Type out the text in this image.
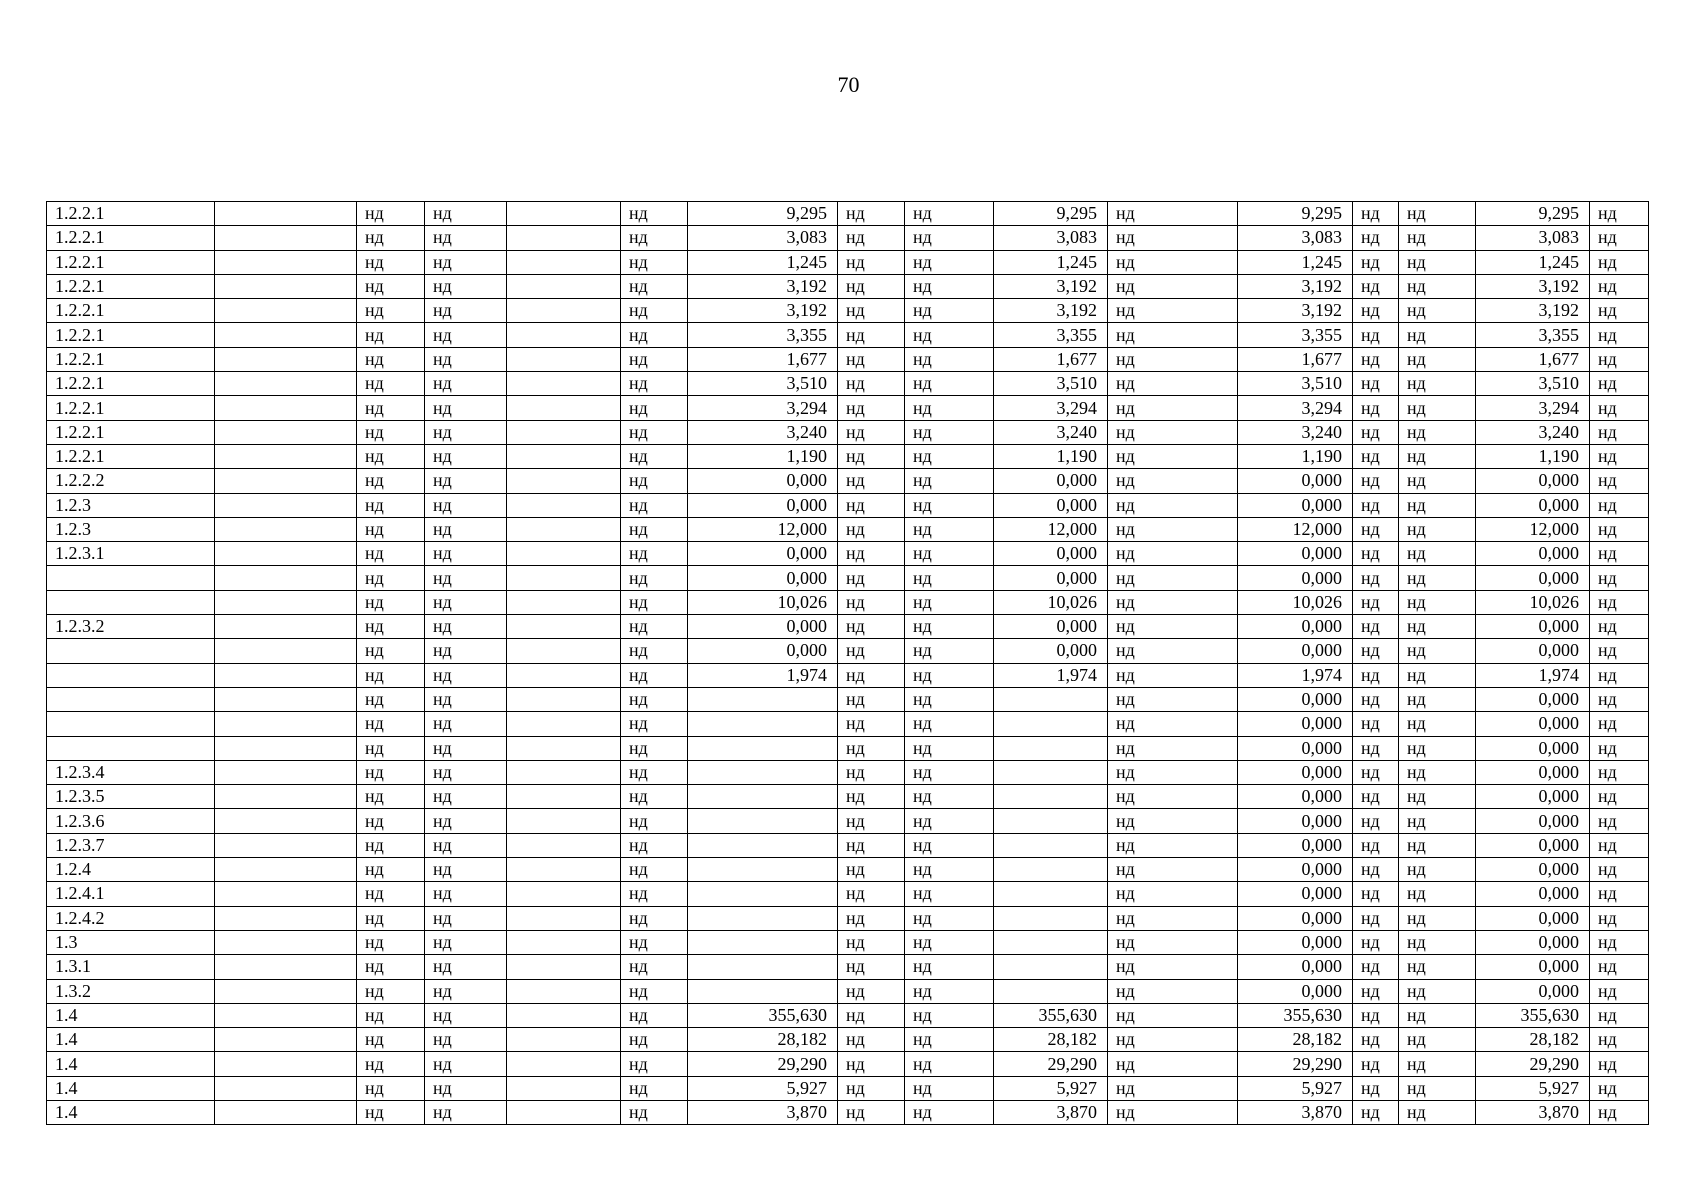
70
1.2.2.1		нд	нд		нд	9,295	нд	нд	9,295	нд	9,295	нд	нд	9,295	нд
1.2.2.1		нд	нд		нд	3,083	нд	нд	3,083	нд	3,083	нд	нд	3,083	нд
1.2.2.1		нд	нд		нд	1,245	нд	нд	1,245	нд	1,245	нд	нд	1,245	нд
1.2.2.1		нд	нд		нд	3,192	нд	нд	3,192	нд	3,192	нд	нд	3,192	нд
1.2.2.1		нд	нд		нд	3,192	нд	нд	3,192	нд	3,192	нд	нд	3,192	нд
1.2.2.1		нд	нд		нд	3,355	нд	нд	3,355	нд	3,355	нд	нд	3,355	нд
1.2.2.1		нд	нд		нд	1,677	нд	нд	1,677	нд	1,677	нд	нд	1,677	нд
1.2.2.1		нд	нд		нд	3,510	нд	нд	3,510	нд	3,510	нд	нд	3,510	нд
1.2.2.1		нд	нд		нд	3,294	нд	нд	3,294	нд	3,294	нд	нд	3,294	нд
1.2.2.1		нд	нд		нд	3,240	нд	нд	3,240	нд	3,240	нд	нд	3,240	нд
1.2.2.1		нд	нд		нд	1,190	нд	нд	1,190	нд	1,190	нд	нд	1,190	нд
1.2.2.2		нд	нд		нд	0,000	нд	нд	0,000	нд	0,000	нд	нд	0,000	нд
1.2.3		нд	нд		нд	0,000	нд	нд	0,000	нд	0,000	нд	нд	0,000	нд
1.2.3		нд	нд		нд	12,000	нд	нд	12,000	нд	12,000	нд	нд	12,000	нд
1.2.3.1		нд	нд		нд	0,000	нд	нд	0,000	нд	0,000	нд	нд	0,000	нд
		нд	нд		нд	0,000	нд	нд	0,000	нд	0,000	нд	нд	0,000	нд
		нд	нд		нд	10,026	нд	нд	10,026	нд	10,026	нд	нд	10,026	нд
1.2.3.2		нд	нд		нд	0,000	нд	нд	0,000	нд	0,000	нд	нд	0,000	нд
		нд	нд		нд	0,000	нд	нд	0,000	нд	0,000	нд	нд	0,000	нд
		нд	нд		нд	1,974	нд	нд	1,974	нд	1,974	нд	нд	1,974	нд
		нд	нд		нд		нд	нд		нд	0,000	нд	нд	0,000	нд
		нд	нд		нд		нд	нд		нд	0,000	нд	нд	0,000	нд
		нд	нд		нд		нд	нд		нд	0,000	нд	нд	0,000	нд
1.2.3.4		нд	нд		нд		нд	нд		нд	0,000	нд	нд	0,000	нд
1.2.3.5		нд	нд		нд		нд	нд		нд	0,000	нд	нд	0,000	нд
1.2.3.6		нд	нд		нд		нд	нд		нд	0,000	нд	нд	0,000	нд
1.2.3.7		нд	нд		нд		нд	нд		нд	0,000	нд	нд	0,000	нд
1.2.4		нд	нд		нд		нд	нд		нд	0,000	нд	нд	0,000	нд
1.2.4.1		нд	нд		нд		нд	нд		нд	0,000	нд	нд	0,000	нд
1.2.4.2		нд	нд		нд		нд	нд		нд	0,000	нд	нд	0,000	нд
1.3		нд	нд		нд		нд	нд		нд	0,000	нд	нд	0,000	нд
1.3.1		нд	нд		нд		нд	нд		нд	0,000	нд	нд	0,000	нд
1.3.2		нд	нд		нд		нд	нд		нд	0,000	нд	нд	0,000	нд
1.4		нд	нд		нд	355,630	нд	нд	355,630	нд	355,630	нд	нд	355,630	нд
1.4		нд	нд		нд	28,182	нд	нд	28,182	нд	28,182	нд	нд	28,182	нд
1.4		нд	нд		нд	29,290	нд	нд	29,290	нд	29,290	нд	нд	29,290	нд
1.4		нд	нд		нд	5,927	нд	нд	5,927	нд	5,927	нд	нд	5,927	нд
1.4		нд	нд		нд	3,870	нд	нд	3,870	нд	3,870	нд	нд	3,870	нд
